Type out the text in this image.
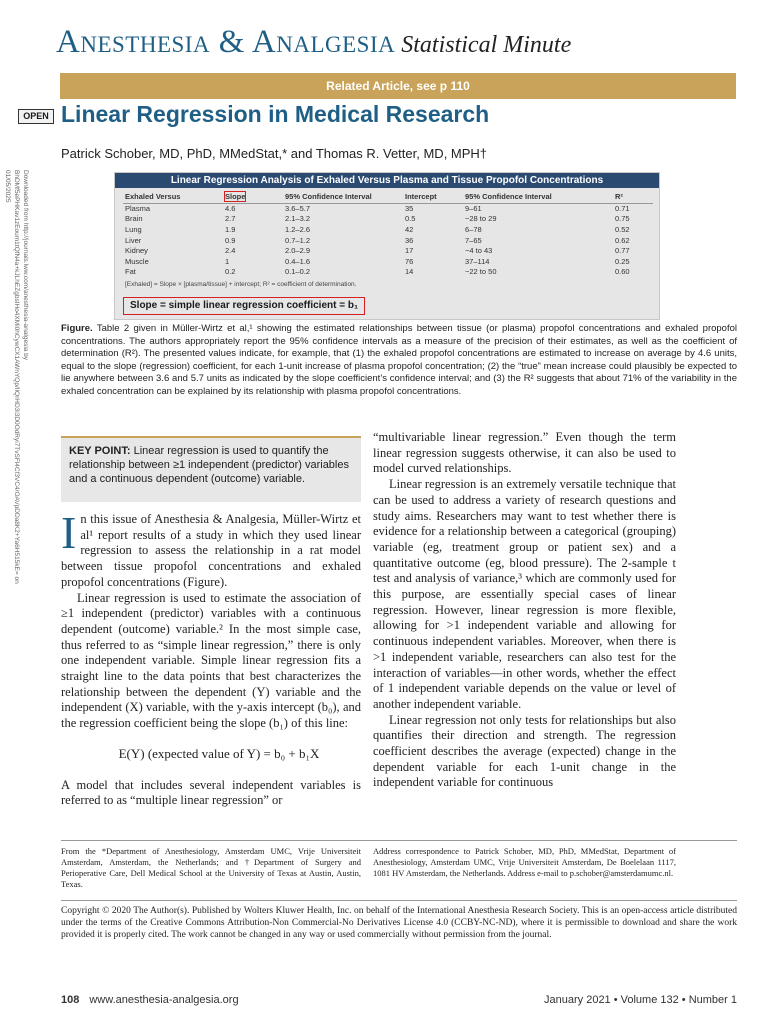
Anesthesia & Analgesia Statistical Minute
Related Article, see p 110
OPEN Linear Regression in Medical Research
Patrick Schober, MD, PhD, MMedStat,* and Thomas R. Vetter, MD, MPH†
Downloaded from http://journals.lww.com/anesthesia-analgesia by BhDMf5ePHKav1zEoum1tQfN4a+kJLhEZgbsIHo4XMi0hCywCX1AWnYQp/IlQrHD3i3D0OdRyi7TvSFl4Cf3VC4/OAVpDDa8K2+Ya6H515kE= on 01/05/2025	Linear Regression Analysis of Exhaled Versus Plasma and Tissue Propofol Concentrations
Exhaled Versus	Slope	95% Confidence Interval	Intercept	95% Confidence Interval	R²
Plasma	4.6	3.6–5.7	35	9–61	0.71
Brain	2.7	2.1–3.2	0.5	−28 to 29	0.75
Lung	1.9	1.2–2.6	42	6–78	0.52
Liver	0.9	0.7–1.2	36	7–65	0.62
Kidney	2.4	2.0–2.9	17	−4 to 43	0.77
Muscle	1	0.4–1.6	76	37–114	0.25
Fat	0.2	0.1–0.2	14	−22 to 50	0.60
[Exhaled] = Slope × [plasma/tissue] + intercept; R² = coefficient of determination.
Slope = simple linear regression coefficient = b₁
Figure. Table 2 given in Müller-Wirtz et al,¹ showing the estimated relationships between tissue (or plasma) propofol concentrations and exhaled propofol concentrations. The authors appropriately report the 95% confidence intervals as a measure of the precision of their estimates, as well as the coefficient of determination (R²). The presented values indicate, for example, that (1) the exhaled propofol concentrations are estimated to increase on average by 4.6 units, equal to the slope (regression) coefficient, for each 1-unit increase of plasma propofol concentration; (2) the “true” mean increase could plausibly be expected to lie anywhere between 3.6 and 5.7 units as indicated by the slope coefficient’s confidence interval; and (3) the R² suggests that about 71% of the variability in the exhaled concentration can be explained by its relationship with plasma propofol concentrations.
KEY POINT: Linear regression is used to quantify the relationship between ≥1 independent (predictor) variables and a continuous dependent (outcome) variable.

In this issue of Anesthesia & Analgesia, Müller-Wirtz et al¹ report results of a study in which they used linear regression to assess the relationship in a rat model between tissue propofol concentrations and exhaled propofol concentrations (Figure).

Linear regression is used to estimate the association of ≥1 independent (predictor) variables with a continuous dependent (outcome) variable.² In the most simple case, thus referred to as “simple linear regression,” there is only one independent variable. Simple linear regression fits a straight line to the data points that best characterizes the relationship between the dependent (Y) variable and the independent (X) variable, with the y-axis intercept (b₀), and the regression coefficient being the slope (b₁) of this line:

E(Y) (expected value of Y) = b₀ + b₁X

A model that includes several independent variables is referred to as “multiple linear regression” or

“multivariable linear regression.” Even though the term linear regression suggests otherwise, it can also be used to model curved relationships.

Linear regression is an extremely versatile technique that can be used to address a variety of research questions and study aims. Researchers may want to test whether there is evidence for a relationship between a categorical (grouping) variable (eg, treatment group or patient sex) and a quantitative outcome (eg, blood pressure). The 2-sample t test and analysis of variance,³ which are commonly used for this purpose, are essentially special cases of linear regression. However, linear regression is more flexible, allowing for >1 independent variable and allowing for continuous independent variables. Moreover, when there is >1 independent variable, researchers can also test for the interaction of variables—in other words, whether the effect of 1 independent variable depends on the value or level of another independent variable.

Linear regression not only tests for relationships but also quantifies their direction and strength. The regression coefficient describes the average (expected) change in the dependent variable for each 1-unit change in the independent variable for continuous

From the *Department of Anesthesiology, Amsterdam UMC, Vrije Universiteit Amsterdam, Amsterdam, the Netherlands; and †Department of Surgery and Perioperative Care, Dell Medical School at the University of Texas at Austin, Austin, Texas.
Address correspondence to Patrick Schober, MD, PhD, MMedStat, Department of Anesthesiology, Amsterdam UMC, Vrije Universiteit Amsterdam, De Boelelaan 1117, 1081 HV Amsterdam, the Netherlands. Address e-mail to p.schober@amsterdamumc.nl.
Copyright © 2020 The Author(s). Published by Wolters Kluwer Health, Inc. on behalf of the International Anesthesia Research Society. This is an open-access article distributed under the terms of the Creative Commons Attribution-Non Commercial-No Derivatives License 4.0 (CCBY-NC-ND), where it is permissible to download and share the work provided it is properly cited. The work cannot be changed in any way or used commercially without permission from the journal.
108 www.anesthesia-analgesia.org	January 2021 • Volume 132 • Number 1
